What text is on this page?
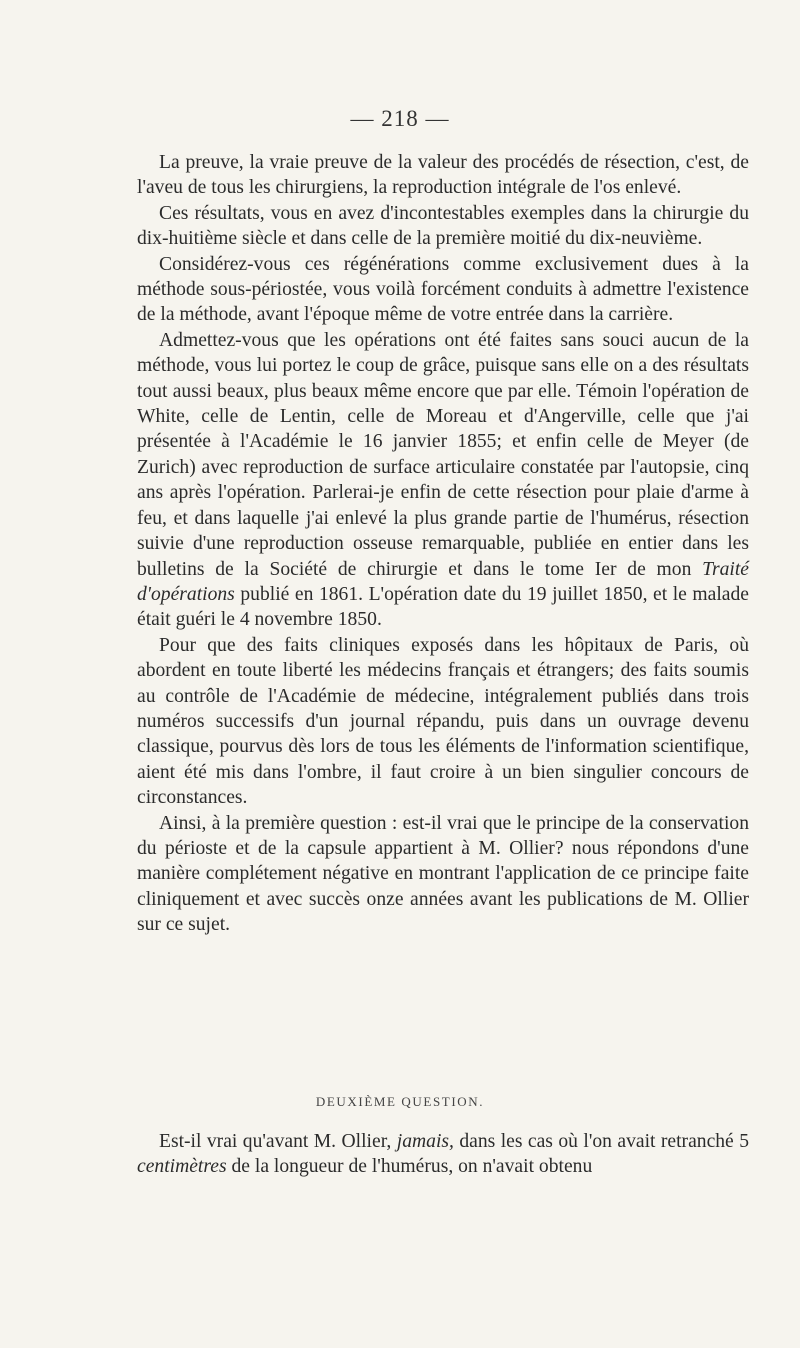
— 218 —

La preuve, la vraie preuve de la valeur des procédés de résection, c'est, de l'aveu de tous les chirurgiens, la reproduction intégrale de l'os enlevé.

Ces résultats, vous en avez d'incontestables exemples dans la chirurgie du dix-huitième siècle et dans celle de la première moitié du dix-neuvième.

Considérez-vous ces régénérations comme exclusivement dues à la méthode sous-périostée, vous voilà forcément conduits à admettre l'existence de la méthode, avant l'époque même de votre entrée dans la carrière.

Admettez-vous que les opérations ont été faites sans souci aucun de la méthode, vous lui portez le coup de grâce, puisque sans elle on a des résultats tout aussi beaux, plus beaux même encore que par elle. Témoin l'opération de White, celle de Lentin, celle de Moreau et d'Angerville, celle que j'ai présentée à l'Académie le 16 janvier 1855; et enfin celle de Meyer (de Zurich) avec reproduction de surface articulaire constatée par l'autopsie, cinq ans après l'opération. Parlerai-je enfin de cette résection pour plaie d'arme à feu, et dans laquelle j'ai enlevé la plus grande partie de l'humérus, résection suivie d'une reproduction osseuse remarquable, publiée en entier dans les bulletins de la Société de chirurgie et dans le tome Ier de mon Traité d'opérations publié en 1861. L'opération date du 19 juillet 1850, et le malade était guéri le 4 novembre 1850.

Pour que des faits cliniques exposés dans les hôpitaux de Paris, où abordent en toute liberté les médecins français et étrangers; des faits soumis au contrôle de l'Académie de médecine, intégralement publiés dans trois numéros successifs d'un journal répandu, puis dans un ouvrage devenu classique, pourvus dès lors de tous les éléments de l'information scientifique, aient été mis dans l'ombre, il faut croire à un bien singulier concours de circonstances.

Ainsi, à la première question : est-il vrai que le principe de la conservation du périoste et de la capsule appartient à M. Ollier? nous répondons d'une manière complétement négative en montrant l'application de ce principe faite cliniquement et avec succès onze années avant les publications de M. Ollier sur ce sujet.

DEUXIÈME QUESTION.

Est-il vrai qu'avant M. Ollier, jamais, dans les cas où l'on avait retranché 5 centimètres de la longueur de l'humérus, on n'avait obtenu
